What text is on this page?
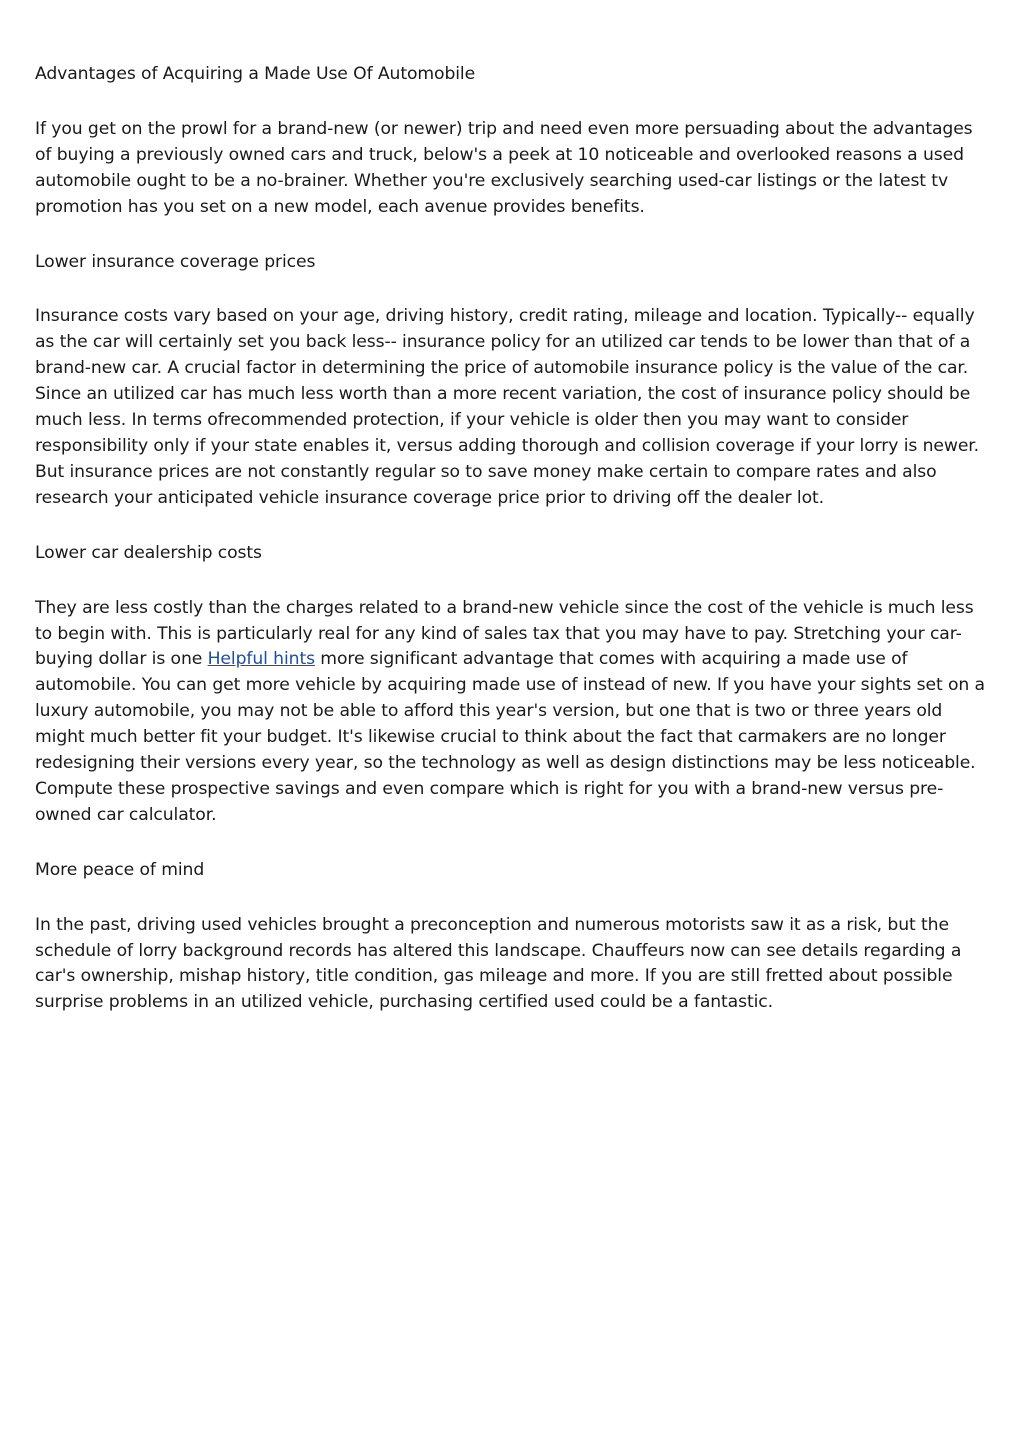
Advantages of Acquiring a Made Use Of Automobile

If you get on the prowl for a brand-new (or newer) trip and need even more persuading about the advantages of buying a previously owned cars and truck, below's a peek at 10 noticeable and overlooked reasons a used automobile ought to be a no-brainer. Whether you're exclusively searching used-car listings or the latest tv promotion has you set on a new model, each avenue provides benefits.

Lower insurance coverage prices

Insurance costs vary based on your age, driving history, credit rating, mileage and location. Typically-- equally as the car will certainly set you back less-- insurance policy for an utilized car tends to be lower than that of a brand-new car. A crucial factor in determining the price of automobile insurance policy is the value of the car. Since an utilized car has much less worth than a more recent variation, the cost of insurance policy should be much less. In terms ofrecommended protection, if your vehicle is older then you may want to consider responsibility only if your state enables it, versus adding thorough and collision coverage if your lorry is newer. But insurance prices are not constantly regular so to save money make certain to compare rates and also research your anticipated vehicle insurance coverage price prior to driving off the dealer lot.

Lower car dealership costs

They are less costly than the charges related to a brand-new vehicle since the cost of the vehicle is much less to begin with. This is particularly real for any kind of sales tax that you may have to pay. Stretching your car-buying dollar is one Helpful hints more significant advantage that comes with acquiring a made use of automobile. You can get more vehicle by acquiring made use of instead of new. If you have your sights set on a luxury automobile, you may not be able to afford this year's version, but one that is two or three years old might much better fit your budget. It's likewise crucial to think about the fact that carmakers are no longer redesigning their versions every year, so the technology as well as design distinctions may be less noticeable. Compute these prospective savings and even compare which is right for you with a brand-new versus pre-owned car calculator.

More peace of mind

In the past, driving used vehicles brought a preconception and numerous motorists saw it as a risk, but the schedule of lorry background records has altered this landscape. Chauffeurs now can see details regarding a car's ownership, mishap history, title condition, gas mileage and more. If you are still fretted about possible surprise problems in an utilized vehicle, purchasing certified used could be a fantastic.
